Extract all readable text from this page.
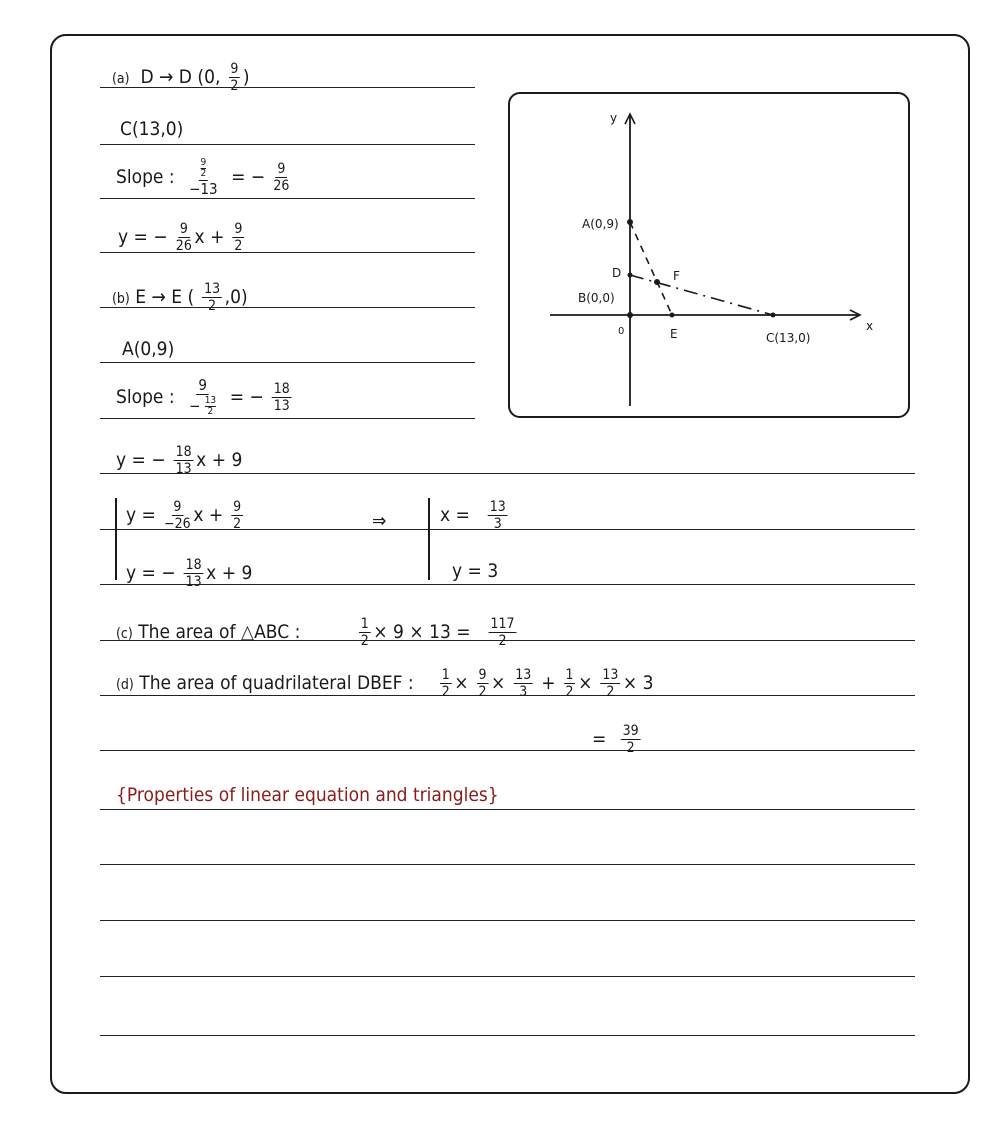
(a)  D → D (0, $\frac{9}{2}$ )
C(13,0)
Slope : $\frac{\frac{9}{2}}{-13}$ = − $\frac{9}{26}$
y = − $\frac{9}{26}$ $x + \frac{9}{2}$
(b) E → E ( $\frac{13}{2} ,0$)
A(0,9)
Slope : $\frac{9}{- \frac{13}{2}}$ = − $\frac{18}{13}$
y = − $\frac{18}{13}$ x + 9
$y = \frac{9}{-26}$ $x + \frac{9}{2}$
y = − $\frac{18}{13}$ x + 9
⇒	$x = \frac{13}{3}$
y = 3
(c) The area of △ABC :	$\frac{1}{2} \times 9 \times 13 = \frac{117}{2}$
(d) The area of quadrilateral DBEF : $\frac{1}{2} \times \frac{9}{2} \times \frac{13}{3} + \frac{1}{2} \times \frac{13}{2} \times 3$
= $\frac{39}{2}$
{Properties of linear equation and triangles}
y
x
A(0,9)
D	F
B(0,0)
0	E	C(13,0)
